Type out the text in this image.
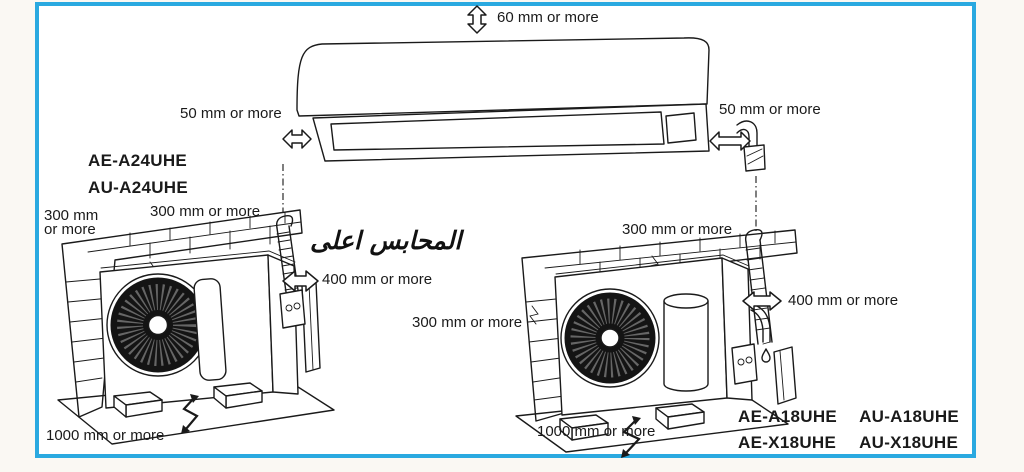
60 mm or more
50 mm or more	50 mm or more
AE-A24UHE
AU-A24UHE
300 mm or more
300 mm
or more	المحابس اعلى
400 mm or more
1000 mm or more
300 mm or more
300 mm or more
400 mm or more
1000 mm or more
AE-A18UHE AU-A18UHE
AE-X18UHE AU-X18UHE
